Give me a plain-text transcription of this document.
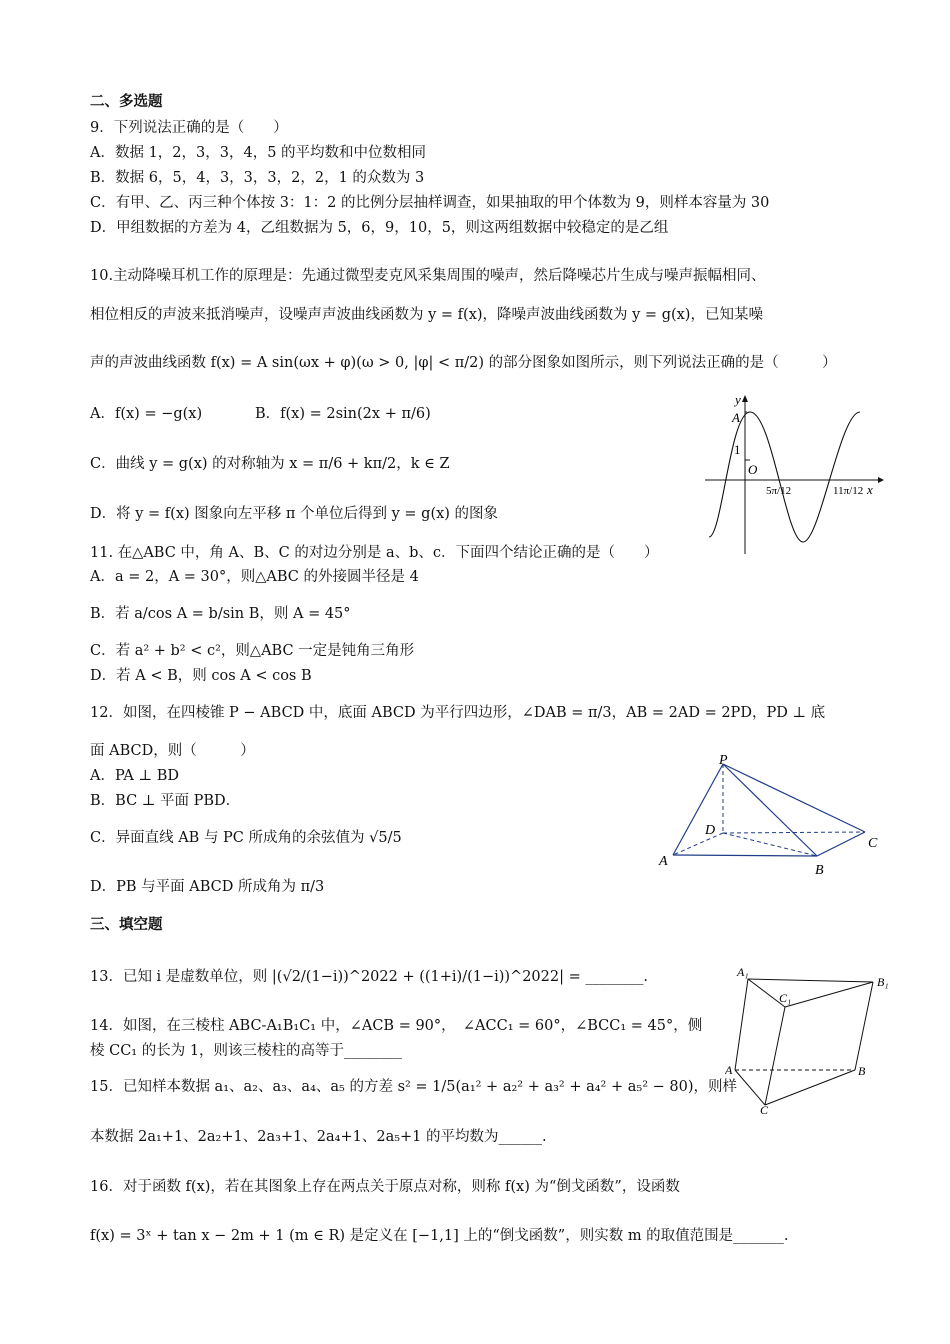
二、多选题
9．下列说法正确的是（　　）
A．数据 1，2，3，3，4，5 的平均数和中位数相同
B．数据 6，5，4，3，3，3，2，2，1 的众数为 3
C．有甲、乙、丙三种个体按 3：1：2 的比例分层抽样调查，如果抽取的甲个体数为 9，则样本容量为 30
D．甲组数据的方差为 4，乙组数据为 5，6，9，10，5，则这两组数据中较稳定的是乙组
10.主动降噪耳机工作的原理是：先通过微型麦克风采集周围的噪声，然后降噪芯片生成与噪声振幅相同、
相位相反的声波来抵消噪声，设噪声声波曲线函数为 y = f(x)，降噪声波曲线函数为 y = g(x)，已知某噪
声的声波曲线函数 f(x) = A sin(ωx + φ)(ω > 0, |φ| < π/2) 的部分图象如图所示，则下列说法正确的是（　　　）
A．f(x) = −g(x)	B．f(x) = 2sin(2x + π/6)
C．曲线 y = g(x) 的对称轴为 x = π/6 + kπ/2，k ∈ Z
D．将 y = f(x) 图象向左平移 π 个单位后得到 y = g(x) 的图象
y
A
1
O
x
5π/12	11π/12
11. 在△ABC 中，角 A、B、C 的对边分别是 a、b、c．下面四个结论正确的是（　　）
A．a = 2，A = 30°，则△ABC 的外接圆半径是 4
B．若 a/cos A = b/sin B，则 A = 45°
C．若 a² + b² < c²，则△ABC 一定是钝角三角形
D．若 A < B，则 cos A < cos B
12．如图，在四棱锥 P − ABCD 中，底面 ABCD 为平行四边形，∠DAB = π/3，AB = 2AD = 2PD，PD ⊥ 底
面 ABCD，则（　　　）
A．PA ⊥ BD
B．BC ⊥ 平面 PBD．
C．异面直线 AB 与 PC 所成角的余弦值为 √5/5
D．PB 与平面 ABCD 所成角为 π/3
P
D
A
B
C
三、填空题
13．已知 i 是虚数单位，则 |(√2/(1−i))^2022 + ((1+i)/(1−i))^2022| = ________.	A₁
C₁
B₁
A	B
C
14．如图，在三棱柱 ABC-A₁B₁C₁ 中，∠ACB = 90°，　∠ACC₁ = 60°，∠BCC₁ = 45°，侧
棱 CC₁ 的长为 1，则该三棱柱的高等于________
15．已知样本数据 a₁、a₂、a₃、a₄、a₅ 的方差 s² = 1/5(a₁² + a₂² + a₃² + a₄² + a₅² − 80)，则样
本数据 2a₁+1、2a₂+1、2a₃+1、2a₄+1、2a₅+1 的平均数为______.
16．对于函数 f(x)，若在其图象上存在两点关于原点对称，则称 f(x) 为“倒戈函数”，设函数
f(x) = 3ˣ + tan x − 2m + 1 (m ∈ R) 是定义在 [−1,1] 上的“倒戈函数”，则实数 m 的取值范围是_______.
